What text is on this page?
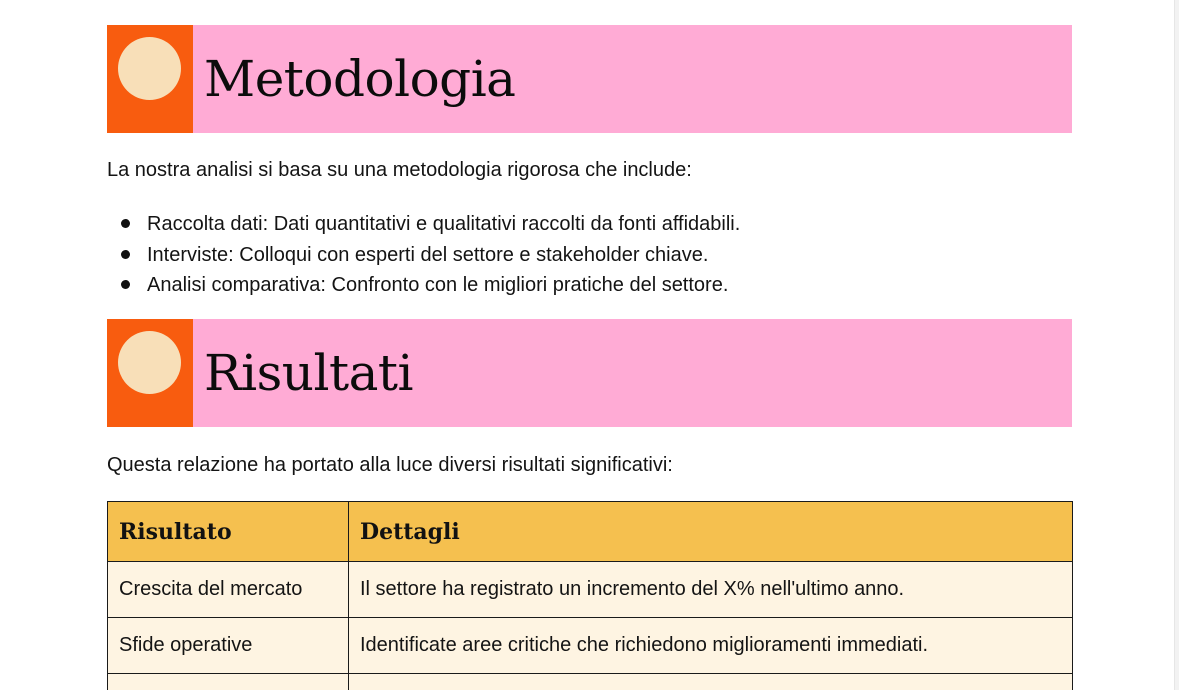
Metodologia
La nostra analisi si basa su una metodologia rigorosa che include:
Raccolta dati: Dati quantitativi e qualitativi raccolti da fonti affidabili.
Interviste: Colloqui con esperti del settore e stakeholder chiave.
Analisi comparativa: Confronto con le migliori pratiche del settore.
Risultati
Questa relazione ha portato alla luce diversi risultati significativi:
Risultato	Dettagli
Crescita del mercato	Il settore ha registrato un incremento del X% nell'ultimo anno.
Sfide operative	Identificate aree critiche che richiedono miglioramenti immediati.
